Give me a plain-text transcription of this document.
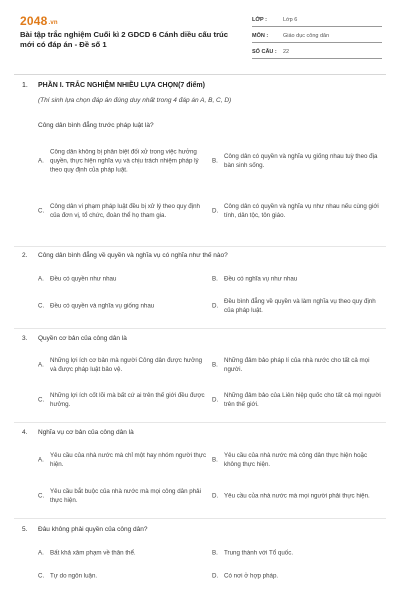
2048.vn
Bài tập trắc nghiệm Cuối kì 2 GDCD 6 Cánh diều cấu trúc mới có đáp án - Đề số 1
LỚP :	Lớp 6
MÔN :	Giáo dục công dân
SỐ CÂU :	22
1. PHẦN I. TRẮC NGHIỆM NHIỀU LỰA CHỌN(7 điểm)
(Thí sinh lựa chọn đáp án đúng duy nhất trong 4 đáp án A, B, C, D)
Công dân bình đẳng trước pháp luật là?
A.
Công dân không bị phân biệt đối xử trong việc hưởng quyền, thực hiện nghĩa vụ và chịu trách nhiệm pháp lý theo quy định của pháp luật.
B.
Công dân có quyền và nghĩa vụ giống nhau tuỳ theo địa bàn sinh sống.
C.
Công dân vi phạm pháp luật đều bị xử lý theo quy định của đơn vị, tổ chức, đoàn thể họ tham gia.
D.
Công dân có quyền và nghĩa vụ như nhau nếu cùng giới tính, dân tộc, tôn giáo.
2. Công dân bình đẳng về quyền và nghĩa vụ có nghĩa như thế nào?
A. Đều có quyền như nhau	B. Đều có nghĩa vụ như nhau
C. Đều có quyền và nghĩa vụ giống nhau	D.
Đều bình đẳng về quyền và làm nghĩa vụ theo quy định của pháp luật.
3. Quyền cơ bản của công dân là
A.
Những lợi ích cơ bản mà người Công dân được hưởng và được pháp luật bảo vệ.
B.
Những đảm bảo pháp lí của nhà nước cho tất cả mọi người.
C.
Những lợi ích cốt lõi mà bất cứ ai trên thế giới đều được hưởng.
D.
Những đảm bảo của Liên hiệp quốc cho tất cả mọi người trên thế giới.
4. Nghĩa vụ cơ bản của công dân là
A.
Yêu cầu của nhà nước mà chỉ một hay nhóm người thực hiện.
B.
Yêu cầu của nhà nước mà công dân thực hiện hoặc không thực hiện.
C.
Yêu cầu bắt buộc của nhà nước mà mọi công dân phải thực hiện.
D. Yêu cầu của nhà nước mà mọi người phải thực hiện.
5. Đâu không phải quyền của công dân?
A. Bất khả xâm phạm về thân thể.	B. Trung thành với Tổ quốc.
C. Tự do ngôn luận.	D. Có nơi ở hợp pháp.
